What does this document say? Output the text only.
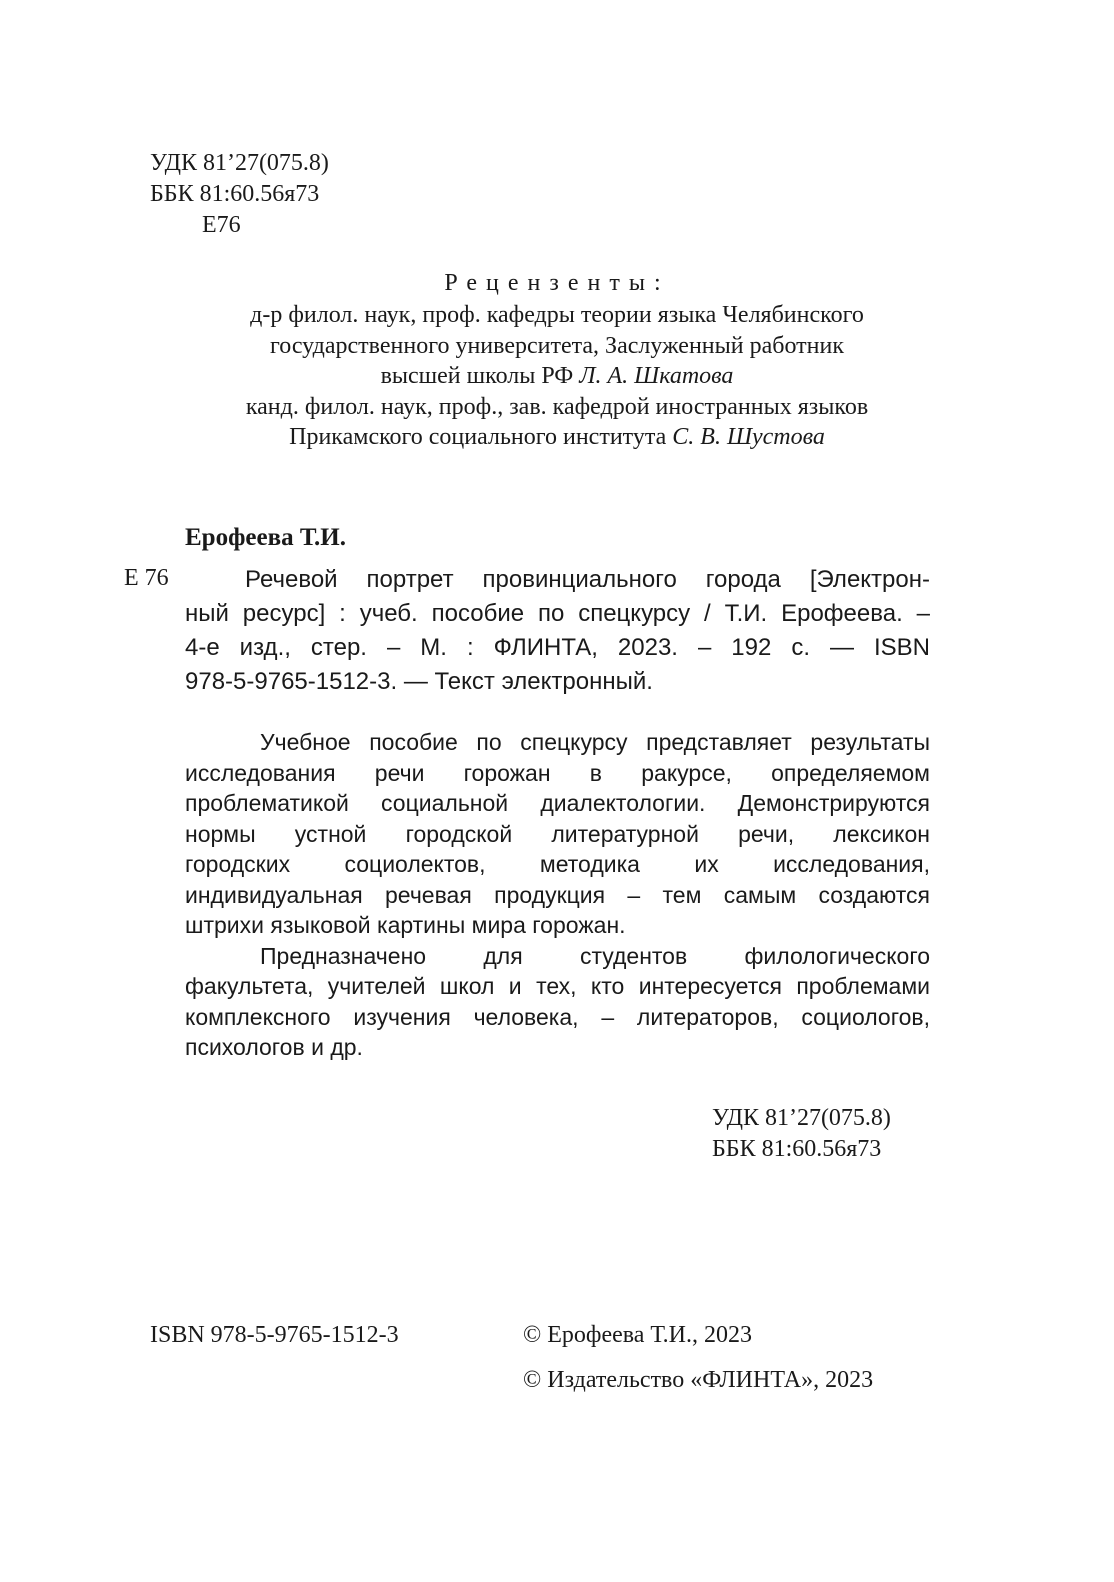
УДК 81’27(075.8)
ББК 81:60.56я73
Е76
Рецензенты:
д-р филол. наук, проф. кафедры теории языка Челябинского
государственного университета, Заслуженный работник
высшей школы РФ Л. А. Шкатова
канд. филол. наук, проф., зав. кафедрой иностранных языков
Прикамского социального института С. В. Шустова
Ерофеева Т.И.
Е 76	Речевой портрет провинциального города [Электрон-
ный ресурс] : учеб. пособие по спецкурсу / Т.И. Ерофеева. –
4-е изд., стер. – М. : ФЛИНТА, 2023. – 192 с. — ISBN
978-5-9765-1512-3. — Текст электронный.
Учебное пособие по спецкурсу представляет результаты
исследования речи горожан в ракурсе, определяемом
проблематикой социальной диалектологии. Демонстрируются
нормы устной городской литературной речи, лексикон
городских социолектов, методика их исследования,
индивидуальная речевая продукция – тем самым создаются
штрихи языковой картины мира горожан.
Предназначено для студентов филологического
факультета, учителей школ и тех, кто интересуется проблемами
комплексного изучения человека, – литераторов, социологов,
психологов и др.
УДК 81’27(075.8)
ББК 81:60.56я73
ISBN 978-5-9765-1512-3	© Ерофеева Т.И., 2023
© Издательство «ФЛИНТА», 2023
